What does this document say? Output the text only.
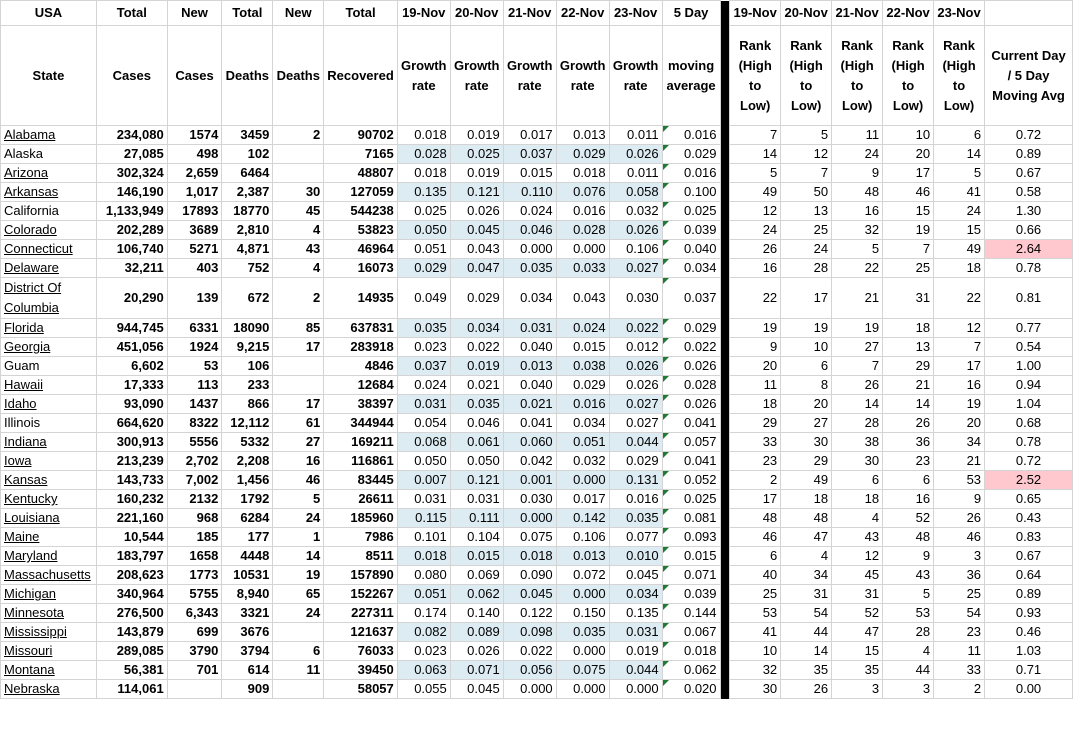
USA	Total	New	Total	New	Total	19-Nov	20-Nov	21-Nov	22-Nov	23-Nov	5 Day		19-Nov	20-Nov	21-Nov	22-Nov	23-Nov	
State	Cases	Cases	Deaths	Deaths	Recovered	Growth rate	Growth rate	Growth rate	Growth rate	Growth rate	moving average		Rank (High to Low)	Rank (High to Low)	Rank (High to Low)	Rank (High to Low)	Rank (High to Low)	Current Day / 5 Day Moving Avg
Alabama	234,080	1574	3459	2	90702	0.018	0.019	0.017	0.013	0.011	0.016		7	5	11	10	6	0.72
Alaska	27,085	498	102		7165	0.028	0.025	0.037	0.029	0.026	0.029		14	12	24	20	14	0.89
Arizona	302,324	2,659	6464		48807	0.018	0.019	0.015	0.018	0.011	0.016		5	7	9	17	5	0.67
Arkansas	146,190	1,017	2,387	30	127059	0.135	0.121	0.110	0.076	0.058	0.100		49	50	48	46	41	0.58
California	1,133,949	17893	18770	45	544238	0.025	0.026	0.024	0.016	0.032	0.025		12	13	16	15	24	1.30
Colorado	202,289	3689	2,810	4	53823	0.050	0.045	0.046	0.028	0.026	0.039		24	25	32	19	15	0.66
Connecticut	106,740	5271	4,871	43	46964	0.051	0.043	0.000	0.000	0.106	0.040		26	24	5	7	49	2.64
Delaware	32,211	403	752	4	16073	0.029	0.047	0.035	0.033	0.027	0.034		16	28	22	25	18	0.78
District Of Columbia	20,290	139	672	2	14935	0.049	0.029	0.034	0.043	0.030	0.037		22	17	21	31	22	0.81
Florida	944,745	6331	18090	85	637831	0.035	0.034	0.031	0.024	0.022	0.029		19	19	19	18	12	0.77
Georgia	451,056	1924	9,215	17	283918	0.023	0.022	0.040	0.015	0.012	0.022		9	10	27	13	7	0.54
Guam	6,602	53	106		4846	0.037	0.019	0.013	0.038	0.026	0.026		20	6	7	29	17	1.00
Hawaii	17,333	113	233		12684	0.024	0.021	0.040	0.029	0.026	0.028		11	8	26	21	16	0.94
Idaho	93,090	1437	866	17	38397	0.031	0.035	0.021	0.016	0.027	0.026		18	20	14	14	19	1.04
Illinois	664,620	8322	12,112	61	344944	0.054	0.046	0.041	0.034	0.027	0.041		29	27	28	26	20	0.68
Indiana	300,913	5556	5332	27	169211	0.068	0.061	0.060	0.051	0.044	0.057		33	30	38	36	34	0.78
Iowa	213,239	2,702	2,208	16	116861	0.050	0.050	0.042	0.032	0.029	0.041		23	29	30	23	21	0.72
Kansas	143,733	7,002	1,456	46	83445	0.007	0.121	0.001	0.000	0.131	0.052		2	49	6	6	53	2.52
Kentucky	160,232	2132	1792	5	26611	0.031	0.031	0.030	0.017	0.016	0.025		17	18	18	16	9	0.65
Louisiana	221,160	968	6284	24	185960	0.115	0.111	0.000	0.142	0.035	0.081		48	48	4	52	26	0.43
Maine	10,544	185	177	1	7986	0.101	0.104	0.075	0.106	0.077	0.093		46	47	43	48	46	0.83
Maryland	183,797	1658	4448	14	8511	0.018	0.015	0.018	0.013	0.010	0.015		6	4	12	9	3	0.67
Massachusetts	208,623	1773	10531	19	157890	0.080	0.069	0.090	0.072	0.045	0.071		40	34	45	43	36	0.64
Michigan	340,964	5755	8,940	65	152267	0.051	0.062	0.045	0.000	0.034	0.039		25	31	31	5	25	0.89
Minnesota	276,500	6,343	3321	24	227311	0.174	0.140	0.122	0.150	0.135	0.144		53	54	52	53	54	0.93
Mississippi	143,879	699	3676		121637	0.082	0.089	0.098	0.035	0.031	0.067		41	44	47	28	23	0.46
Missouri	289,085	3790	3794	6	76033	0.023	0.026	0.022	0.000	0.019	0.018		10	14	15	4	11	1.03
Montana	56,381	701	614	11	39450	0.063	0.071	0.056	0.075	0.044	0.062		32	35	35	44	33	0.71
Nebraska	114,061		909		58057	0.055	0.045	0.000	0.000	0.000	0.020		30	26	3	3	2	0.00
